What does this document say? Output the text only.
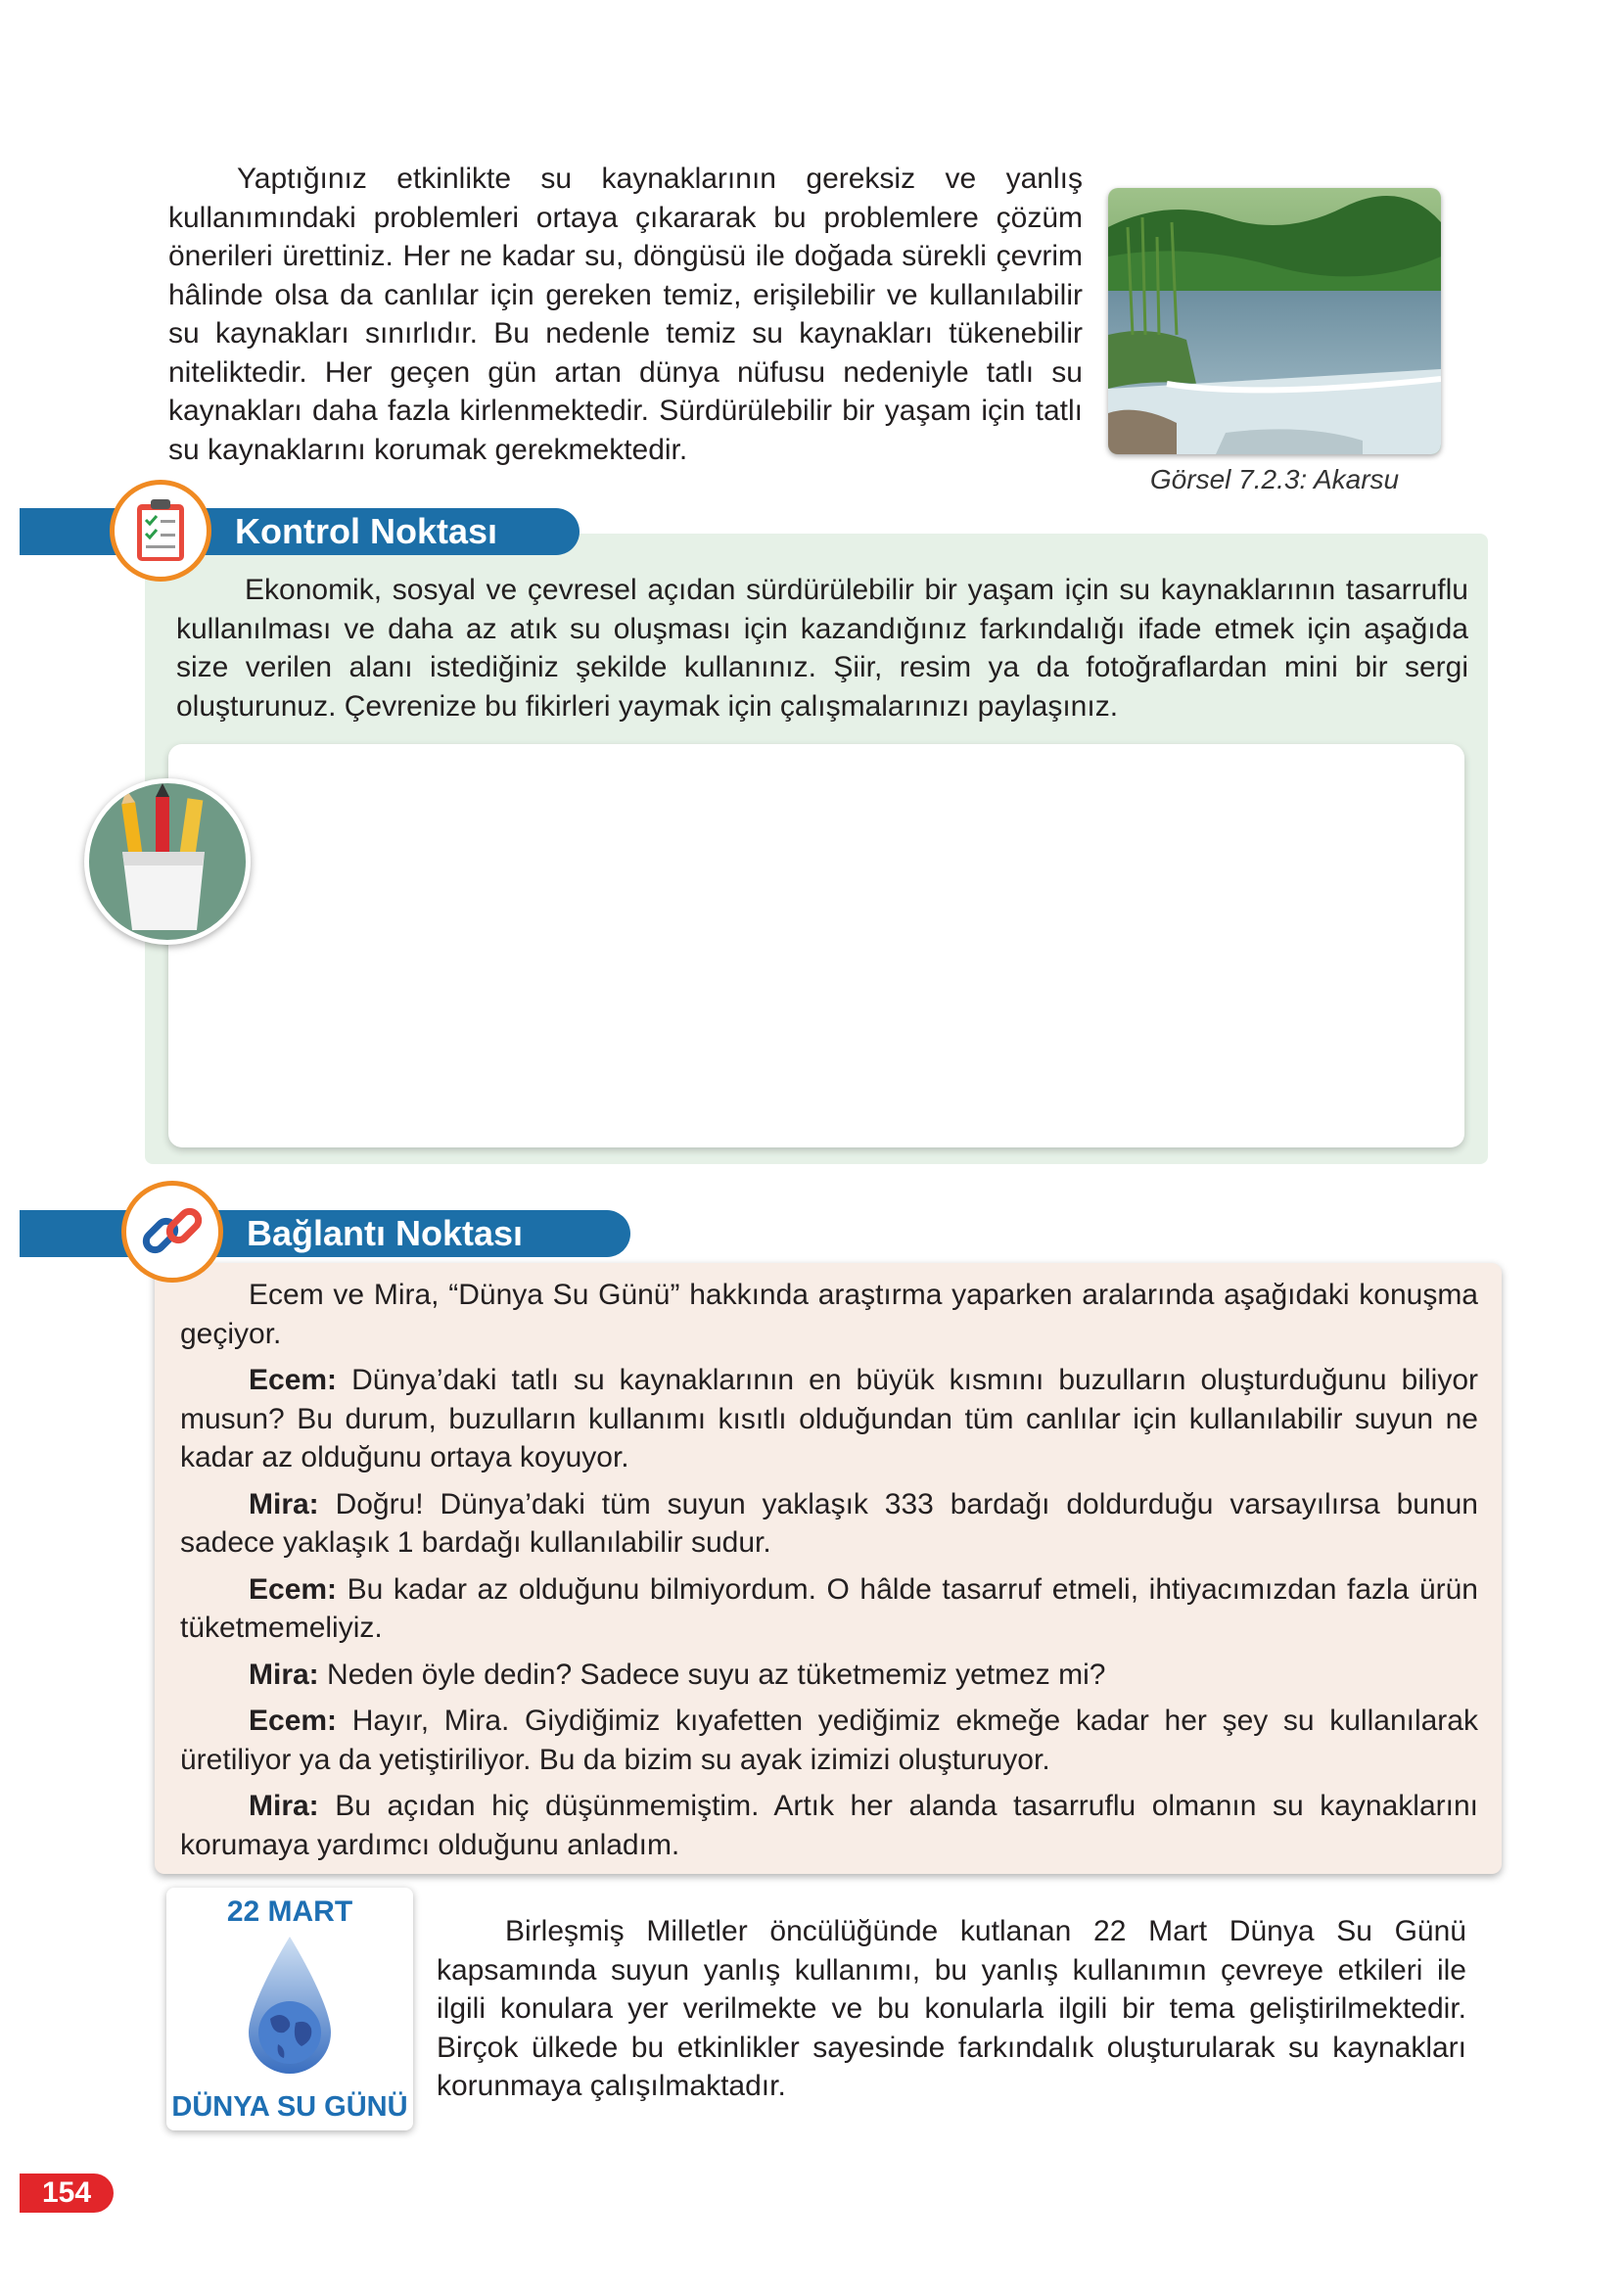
Yaptığınız etkinlikte su kaynaklarının gereksiz ve yanlış kullanımındaki problemleri ortaya çıkararak bu problemlere çözüm önerileri ürettiniz. Her ne kadar su, döngüsü ile doğada sürekli çevrim hâlinde olsa da canlılar için gereken temiz, erişilebilir ve kullanılabilir su kaynakları sınırlıdır. Bu nedenle temiz su kaynakları tükenebilir niteliktedir. Her geçen gün artan dünya nüfusu nedeniyle tatlı su kaynakları daha fazla kirlenmektedir. Sürdürülebilir bir yaşam için tatlı su kaynaklarını korumak gerekmektedir.

Görsel 7.2.3: Akarsu
Kontrol Noktası

Ekonomik, sosyal ve çevresel açıdan sürdürülebilir bir yaşam için su kaynaklarının tasarruflu kullanılması ve daha az atık su oluşması için kazandığınız farkındalığı ifade etmek için aşağıda size verilen alanı istediğiniz şekilde kullanınız. Şiir, resim ya da fotoğraflardan mini bir sergi oluşturunuz. Çevrenize bu fikirleri yaymak için çalışmalarınızı paylaşınız.

Bağlantı Noktası

Ecem ve Mira, “Dünya Su Günü” hakkında araştırma yaparken aralarında aşağıdaki konuşma geçiyor.

Ecem: Dünya’daki tatlı su kaynaklarının en büyük kısmını buzulların oluşturduğunu biliyor musun? Bu durum, buzulların kullanımı kısıtlı olduğundan tüm canlılar için kullanılabilir suyun ne kadar az olduğunu ortaya koyuyor.

Mira: Doğru! Dünya’daki tüm suyun yaklaşık 333 bardağı doldurduğu varsayılırsa bunun sadece yaklaşık 1 bardağı kullanılabilir sudur.

Ecem: Bu kadar az olduğunu bilmiyordum. O hâlde tasarruf etmeli, ihtiyacımızdan fazla ürün tüketmemeliyiz.

Mira: Neden öyle dedin? Sadece suyu az tüketmemiz yetmez mi?

Ecem: Hayır, Mira. Giydiğimiz kıyafetten yediğimiz ekmeğe kadar her şey su kullanılarak üretiliyor ya da yetiştiriliyor. Bu da bizim su ayak izimizi oluşturuyor.

Mira: Bu açıdan hiç düşünmemiştim. Artık her alanda tasarruflu olmanın su kaynaklarını korumaya yardımcı olduğunu anladım.

22 MART
DÜNYA SU GÜNÜ

Birleşmiş Milletler öncülüğünde kutlanan 22 Mart Dünya Su Günü kapsamında suyun yanlış kullanımı, bu yanlış kullanımın çevreye etkileri ile ilgili konulara yer verilmekte ve bu konularla ilgili bir tema geliştirilmektedir. Birçok ülkede bu etkinlikler sayesinde farkındalık oluşturularak su kaynakları korunmaya çalışılmaktadır.

154
